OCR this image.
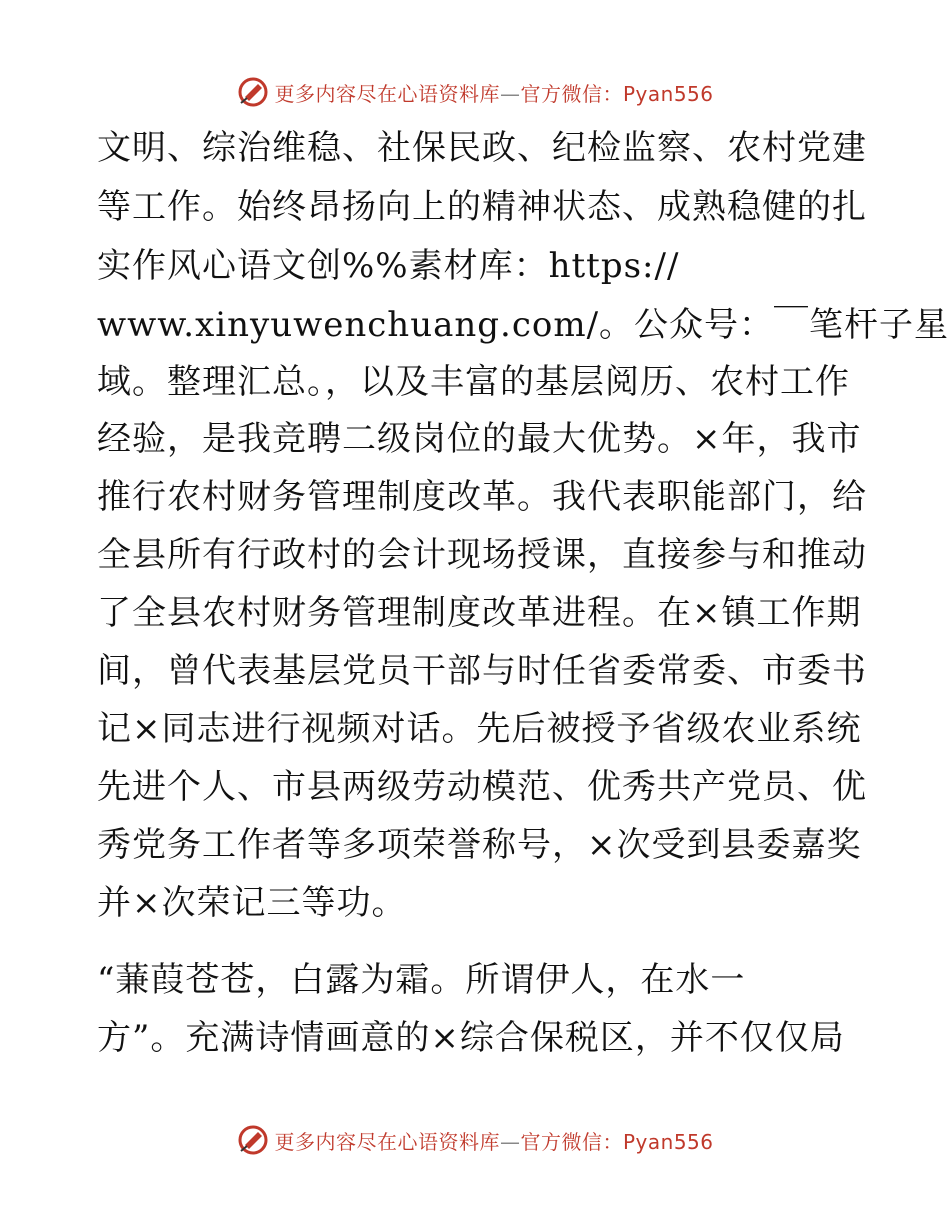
更多内容尽在心语资料库—官方微信：Pyan556
文明、综治维稳、社保民政、纪检监察、农村党建
等工作。始终昂扬向上的精神状态、成熟稳健的扎
实作风心语文创%%素材库：https://
www.xinyuwenchuang.com/。公众号：￣笔杆子星
域。整理汇总。，以及丰富的基层阅历、农村工作
经验，是我竞聘二级岗位的最大优势。×年，我市
推行农村财务管理制度改革。我代表职能部门，给
全县所有行政村的会计现场授课，直接参与和推动
了全县农村财务管理制度改革进程。在×镇工作期
间，曾代表基层党员干部与时任省委常委、市委书
记×同志进行视频对话。先后被授予省级农业系统
先进个人、市县两级劳动模范、优秀共产党员、优
秀党务工作者等多项荣誉称号，×次受到县委嘉奖
并×次荣记三等功。
“蒹葭苍苍，白露为霜。所谓伊人，在水一
方”。充满诗情画意的×综合保税区，并不仅仅局
更多内容尽在心语资料库—官方微信：Pyan556
